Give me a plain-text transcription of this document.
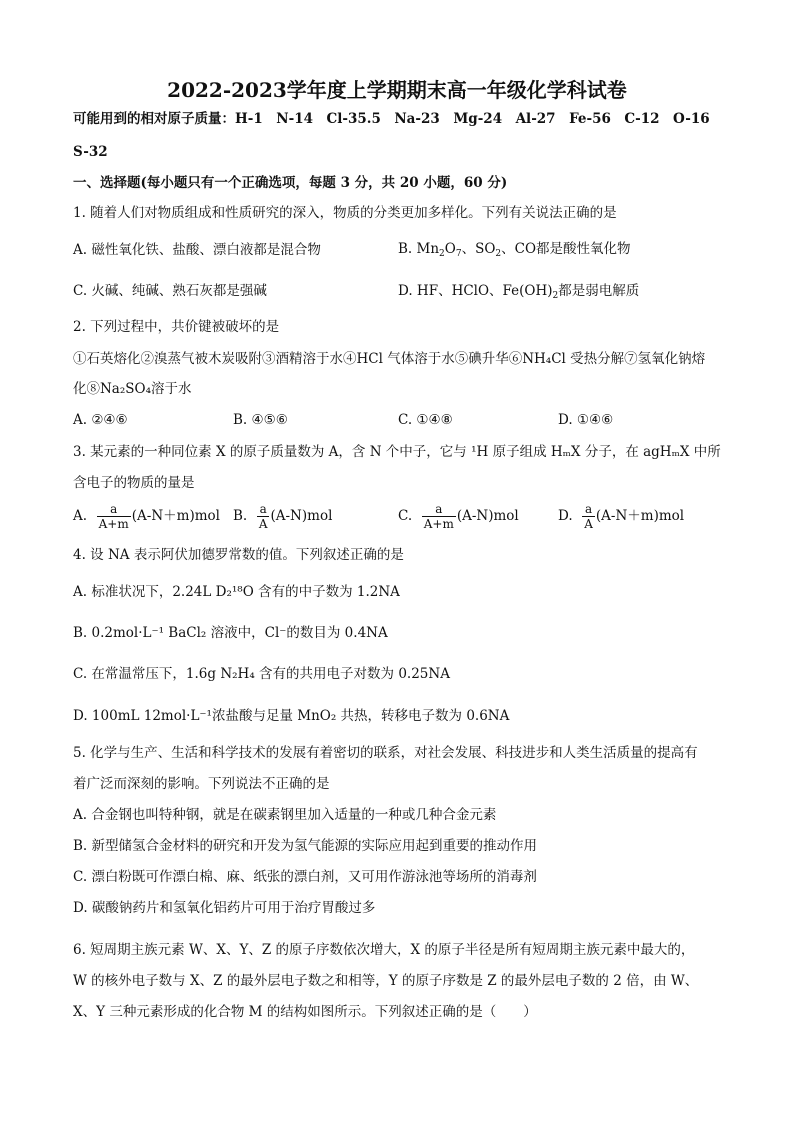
2022-2023学年度上学期期末高一年级化学科试卷
可能用到的相对原子质量：H-1　N-14　Cl-35.5　Na-23　Mg-24　Al-27　Fe-56　C-12　O-16
S-32
一、选择题(每小题只有一个正确选项，每题 3 分，共 20 小题，60 分)
1. 随着人们对物质组成和性质研究的深入，物质的分类更加多样化。下列有关说法正确的是
A. 磁性氧化铁、盐酸、漂白液都是混合物	B. $Mn_2O_7$、$SO_2$、CO都是酸性氧化物
C. 火碱、纯碱、熟石灰都是强碱	D. HF、HClO、$Fe(OH)_2$都是弱电解质
2. 下列过程中，共价键被破坏的是
①石英熔化②溴蒸气被木炭吸附③酒精溶于水④HCl 气体溶于水⑤碘升华⑥NH₄Cl 受热分解⑦氢氧化钠熔
化⑧Na₂SO₄溶于水
A. ②④⑥	B. ④⑤⑥	C. ①④⑧	D. ①④⑥
3. 某元素的一种同位素 X 的原子质量数为 A，含 N 个中子，它与 ¹H 原子组成 HₘX 分子，在 agHₘX 中所
含电子的物质的量是
A. $\frac{a}{A+m} (A-N+m)mol$ B. $\frac{a}{A} (A-N)mol$	C. $\frac{a}{A+m} (A-N)mol$	D. $\frac{a}{A} (A-N+m)mol$
4. 设 NA 表示阿伏加德罗常数的值。下列叙述正确的是
A. 标准状况下，2.24L D₂¹⁸O 含有的中子数为 1.2NA
B. 0.2mol·L⁻¹ BaCl₂ 溶液中，Cl⁻的数目为 0.4NA
C. 在常温常压下，1.6g N₂H₄ 含有的共用电子对数为 0.25NA
D. 100mL 12mol·L⁻¹浓盐酸与足量 MnO₂ 共热，转移电子数为 0.6NA
5. 化学与生产、生活和科学技术的发展有着密切的联系，对社会发展、科技进步和人类生活质量的提高有
着广泛而深刻的影响。下列说法不正确的是
A. 合金钢也叫特种钢，就是在碳素钢里加入适量的一种或几种合金元素
B. 新型储氢合金材料的研究和开发为氢气能源的实际应用起到重要的推动作用
C. 漂白粉既可作漂白棉、麻、纸张的漂白剂，又可用作游泳池等场所的消毒剂
D. 碳酸钠药片和氢氧化铝药片可用于治疗胃酸过多
6. 短周期主族元素 W、X、Y、Z 的原子序数依次增大，X 的原子半径是所有短周期主族元素中最大的，
W 的核外电子数与 X、Z 的最外层电子数之和相等，Y 的原子序数是 Z 的最外层电子数的 2 倍，由 W、
X、Y 三种元素形成的化合物 M 的结构如图所示。下列叙述正确的是（　　）
